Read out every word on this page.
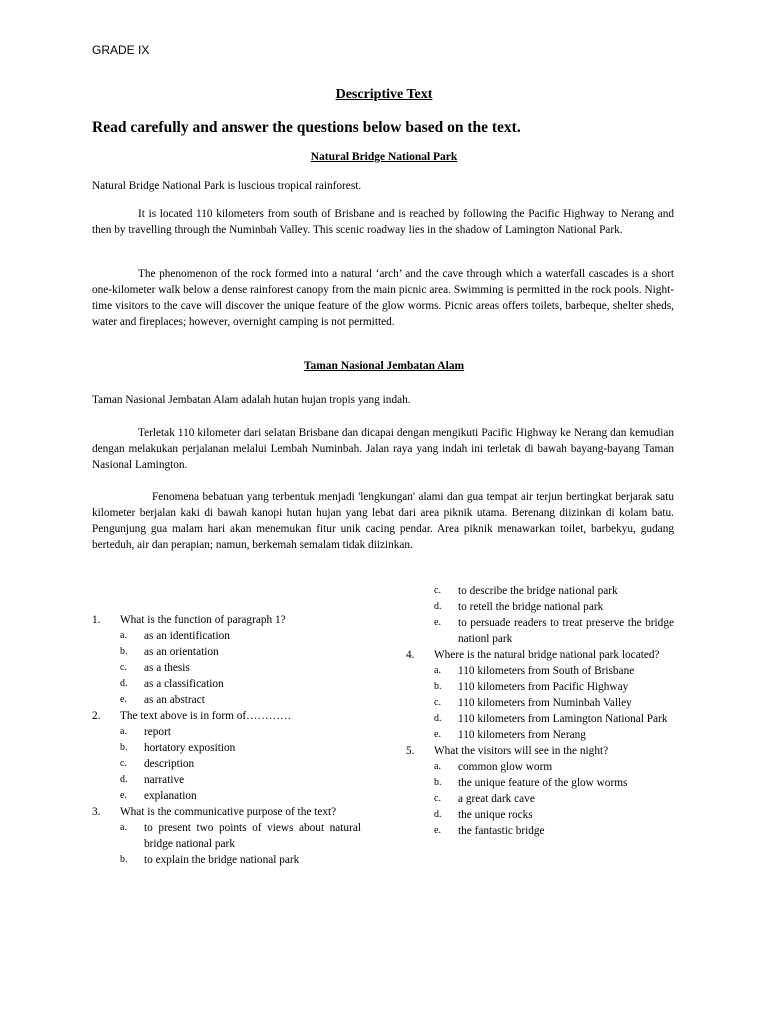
GRADE IX
Descriptive Text
Read carefully and answer the questions below based on the text.
Natural Bridge National Park

Natural Bridge National Park is luscious tropical rainforest.

It is located 110 kilometers from south of Brisbane and is reached by following the Pacific Highway to Nerang and then by travelling through the Numinbah Valley. This scenic roadway lies in the shadow of Lamington National Park.

The phenomenon of the rock formed into a natural ‘arch’ and the cave through which a waterfall cascades is a short one-kilometer walk below a dense rainforest canopy from the main picnic area. Swimming is permitted in the rock pools. Night-time visitors to the cave will discover the unique feature of the glow worms. Picnic areas offers toilets, barbeque, shelter sheds, water and fireplaces; however, overnight camping is not permitted.

Taman Nasional Jembatan Alam

Taman Nasional Jembatan Alam adalah hutan hujan tropis yang indah.

Terletak 110 kilometer dari selatan Brisbane dan dicapai dengan mengikuti Pacific Highway ke Nerang dan kemudian dengan melakukan perjalanan melalui Lembah Numinbah. Jalan raya yang indah ini terletak di bawah bayang-bayang Taman Nasional Lamington.

Fenomena bebatuan yang terbentuk menjadi 'lengkungan' alami dan gua tempat air terjun bertingkat berjarak satu kilometer berjalan kaki di bawah kanopi hutan hujan yang lebat dari area piknik utama. Berenang diizinkan di kolam batu. Pengunjung gua malam hari akan menemukan fitur unik cacing pendar. Area piknik menawarkan toilet, barbekyu, gudang berteduh, air dan perapian; namun, berkemah semalam tidak diizinkan.

1. What is the function of paragraph 1?
a. as an identification
b. as an orientation
c. as a thesis
d. as a classification
e. as an abstract
2. The text above is in form of…………
a. report
b. hortatory exposition
c. description
d. narrative
e. explanation
3. What is the communicative purpose of the text?
a. to present two points of views about natural bridge national park
b. to explain the bridge national park
c. to describe the bridge national park
d. to retell the bridge national park
e. to persuade readers to treat preserve the bridge nationl park
4. Where is the natural bridge national park located?
a. 110 kilometers from South of Brisbane
b. 110 kilometers from Pacific Highway
c. 110 kilometers from Numinbah Valley
d. 110 kilometers from Lamington National Park
e. 110 kilometers from Nerang
5. What the visitors will see in the night?
a. common glow worm
b. the unique feature of the glow worms
c. a great dark cave
d. the unique rocks
e. the fantastic bridge
